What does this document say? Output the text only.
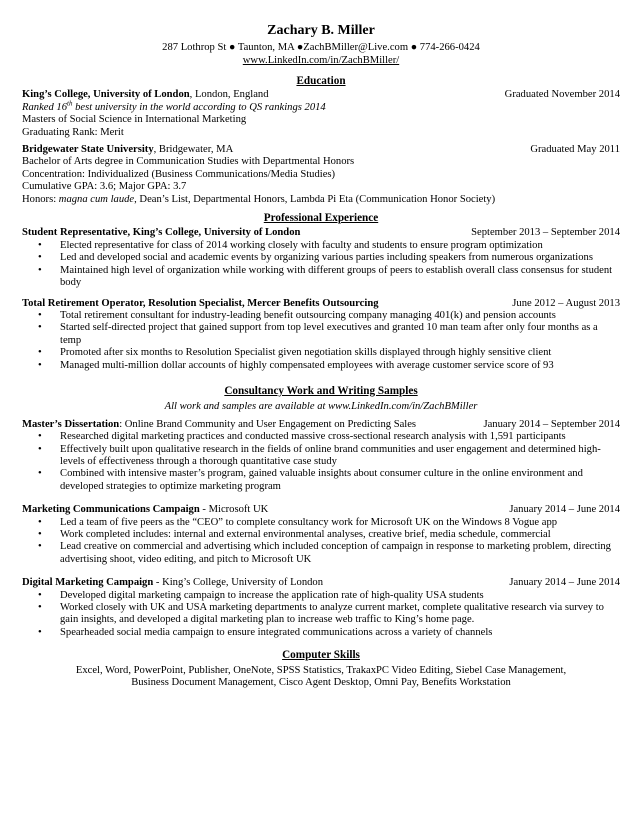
Zachary B. Miller
287 Lothrop St ● Taunton, MA ●ZachBMiller@Live.com ● 774-266-0424
www.LinkedIn.com/in/ZachBMiller/
Education
King’s College, University of London, London, England	Graduated November 2014
Ranked 16th best university in the world according to QS rankings 2014
Masters of Social Science in International Marketing
Graduating Rank: Merit
Bridgewater State University, Bridgewater, MA	Graduated May 2011
Bachelor of Arts degree in Communication Studies with Departmental Honors
Concentration: Individualized (Business Communications/Media Studies)
Cumulative GPA: 3.6; Major GPA: 3.7
Honors: magna cum laude, Dean’s List, Departmental Honors, Lambda Pi Eta (Communication Honor Society)
Professional Experience
Student Representative, King’s College, University of London	September 2013 – September 2014
• Elected representative for class of 2014 working closely with faculty and students to ensure program optimization
• Led and developed social and academic events by organizing various parties including speakers from numerous organizations
• Maintained high level of organization while working with different groups of peers to establish overall class consensus for student body
Total Retirement Operator, Resolution Specialist, Mercer Benefits Outsourcing	June 2012 – August 2013
• Total retirement consultant for industry-leading benefit outsourcing company managing 401(k) and pension accounts
• Started self-directed project that gained support from top level executives and granted 10 man team after only four months as a temp
• Promoted after six months to Resolution Specialist given negotiation skills displayed through highly sensitive client
• Managed multi-million dollar accounts of highly compensated employees with average customer service score of 93
Consultancy Work and Writing Samples
All work and samples are available at www.LinkedIn.com/in/ZachBMiller
Master’s Dissertation: Online Brand Community and User Engagement on Predicting Sales	January 2014 – September 2014
• Researched digital marketing practices and conducted massive cross-sectional research analysis with 1,591 participants
• Effectively built upon qualitative research in the fields of online brand communities and user engagement and determined high-levels of effectiveness through a thorough quantitative case study
• Combined with intensive master’s program, gained valuable insights about consumer culture in the online environment and developed strategies to optimize marketing program
Marketing Communications Campaign - Microsoft UK	January 2014 – June 2014
• Led a team of five peers as the “CEO” to complete consultancy work for Microsoft UK on the Windows 8 Vogue app
• Work completed includes: internal and external environmental analyses, creative brief, media schedule, commercial
• Lead creative on commercial and advertising which included conception of campaign in response to marketing problem, directing advertising shoot, video editing, and pitch to Microsoft UK
Digital Marketing Campaign - King’s College, University of London	January 2014 – June 2014
• Developed digital marketing campaign to increase the application rate of high-quality USA students
• Worked closely with UK and USA marketing departments to analyze current market, complete qualitative research via survey to gain insights, and developed a digital marketing plan to increase web traffic to King’s home page.
• Spearheaded social media campaign to ensure integrated communications across a variety of channels
Computer Skills
Excel, Word, PowerPoint, Publisher, OneNote, SPSS Statistics, TrakaxPC Video Editing, Siebel Case Management,
Business Document Management, Cisco Agent Desktop, Omni Pay, Benefits Workstation
